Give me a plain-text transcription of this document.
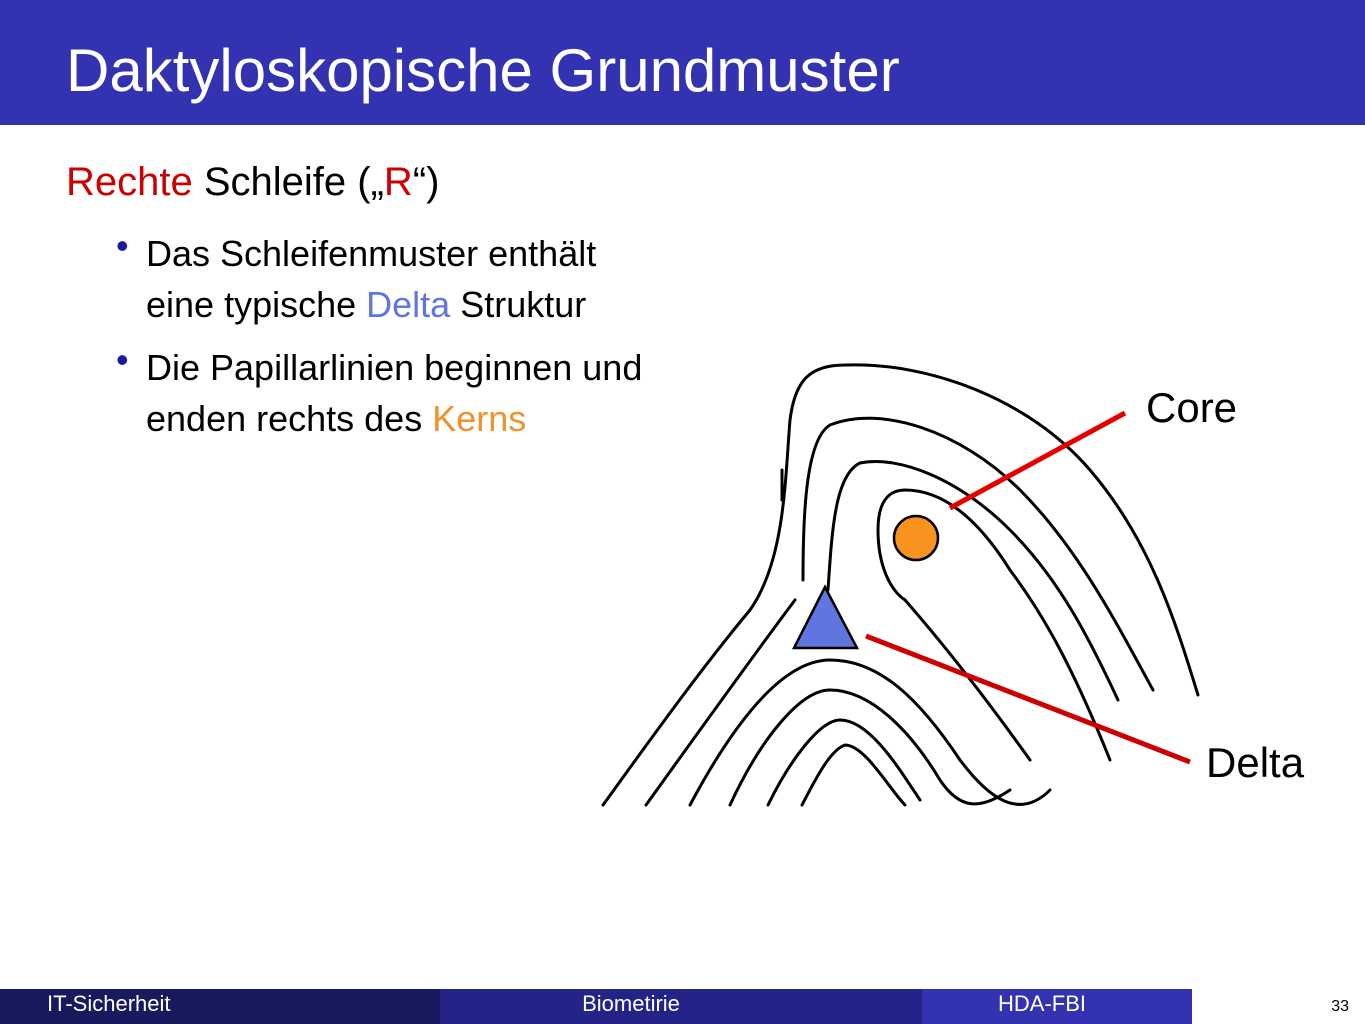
Daktyloskopische Grundmuster
Rechte Schleife („R“)
• Das Schleifenmuster enthält eine typische Delta Struktur
• Die Papillarlinien beginnen und enden rechts des Kerns	Core
Delta
IT-Sicherheit	Biometirie	HDA-FBI	33
